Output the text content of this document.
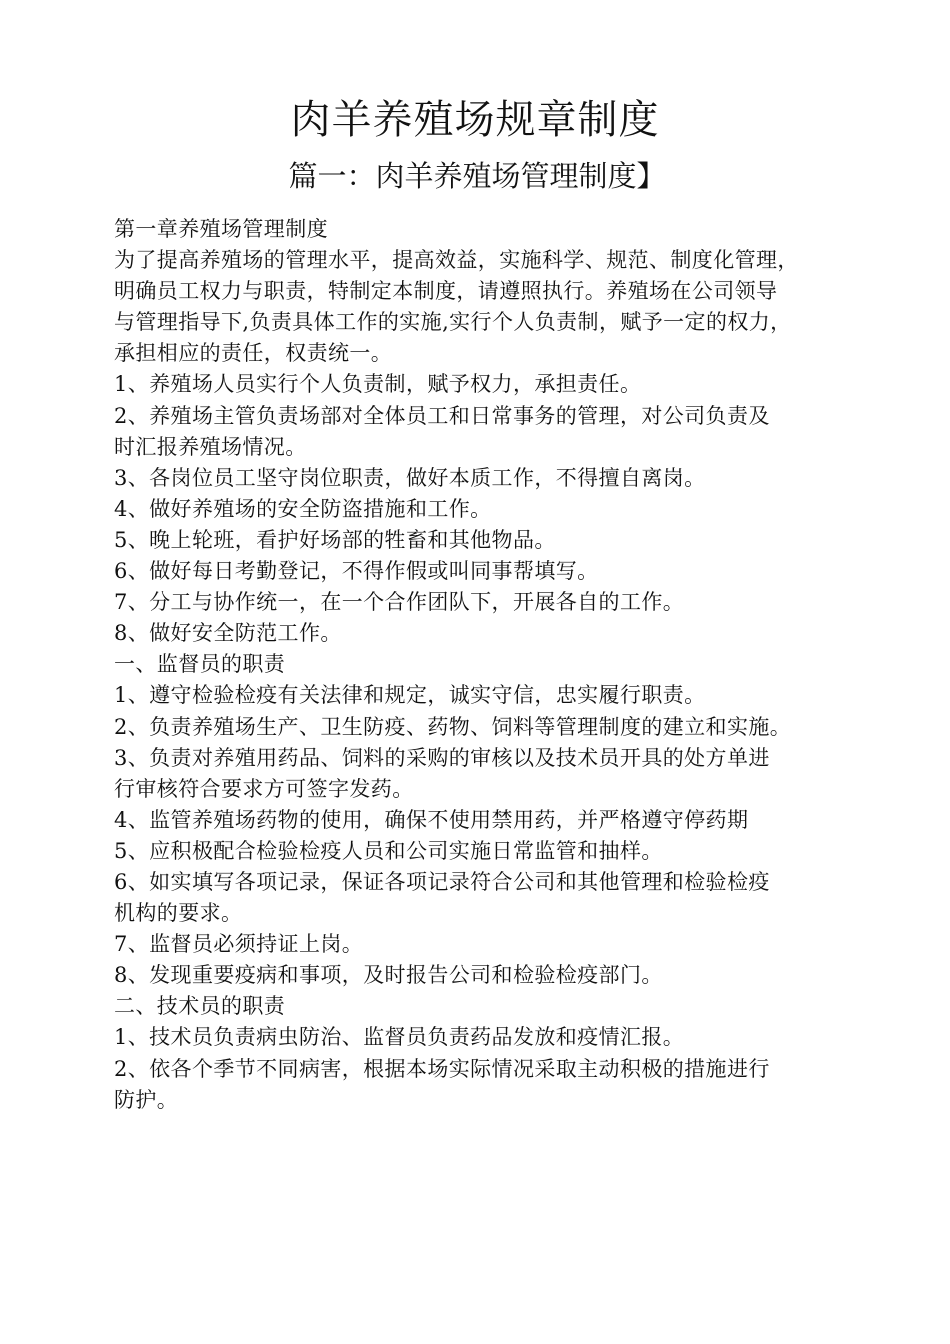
肉羊养殖场规章制度
篇一：肉羊养殖场管理制度】
第一章养殖场管理制度
为了提高养殖场的管理水平，提高效益，实施科学、规范、制度化管理，
明确员工权力与职责，特制定本制度，请遵照执行。养殖场在公司领导
与管理指导下,负责具体工作的实施,实行个人负责制，赋予一定的权力，
承担相应的责任，权责统一。
1、养殖场人员实行个人负责制，赋予权力，承担责任。
2、养殖场主管负责场部对全体员工和日常事务的管理，对公司负责及
时汇报养殖场情况。
3、各岗位员工坚守岗位职责，做好本质工作，不得擅自离岗。
4、做好养殖场的安全防盗措施和工作。
5、晚上轮班，看护好场部的牲畜和其他物品。
6、做好每日考勤登记，不得作假或叫同事帮填写。
7、分工与协作统一，在一个合作团队下，开展各自的工作。
8、做好安全防范工作。
一、监督员的职责
1、遵守检验检疫有关法律和规定，诚实守信，忠实履行职责。
2、负责养殖场生产、卫生防疫、药物、饲料等管理制度的建立和实施。
3、负责对养殖用药品、饲料的采购的审核以及技术员开具的处方单进
行审核符合要求方可签字发药。
4、监管养殖场药物的使用，确保不使用禁用药，并严格遵守停药期
5、应积极配合检验检疫人员和公司实施日常监管和抽样。
6、如实填写各项记录，保证各项记录符合公司和其他管理和检验检疫
机构的要求。
7、监督员必须持证上岗。
8、发现重要疫病和事项，及时报告公司和检验检疫部门。
二、技术员的职责
1、技术员负责病虫防治、监督员负责药品发放和疫情汇报。
2、依各个季节不同病害，根据本场实际情况采取主动积极的措施进行
防护。
